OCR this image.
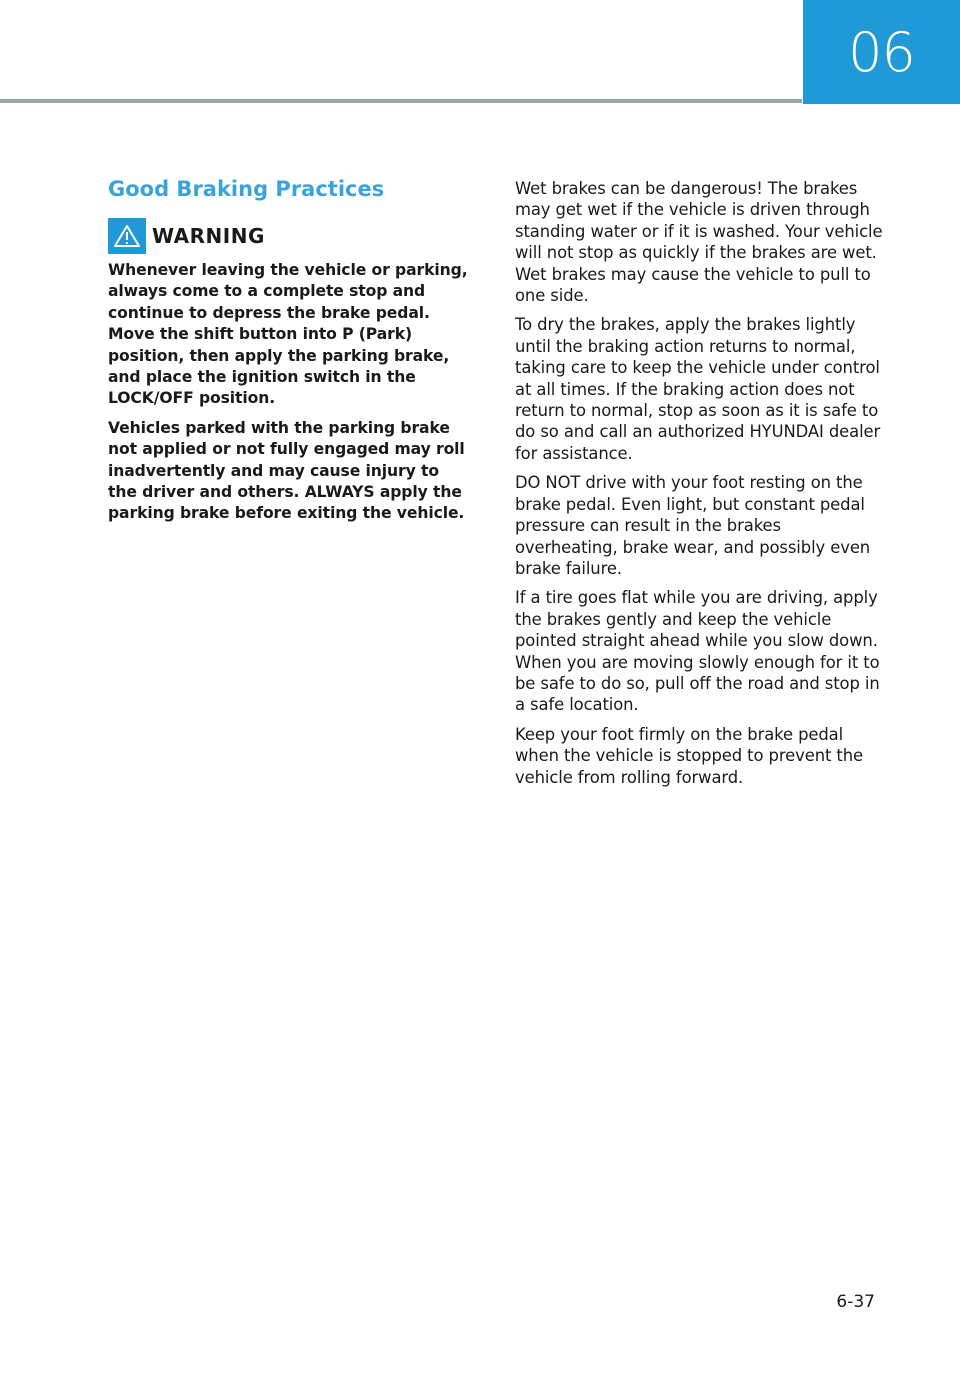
06
Good Braking Practices
WARNING

Whenever leaving the vehicle or parking, always come to a complete stop and continue to depress the brake pedal. Move the shift button into P (Park) position, then apply the parking brake, and place the ignition switch in the LOCK/OFF position.

Vehicles parked with the parking brake not applied or not fully engaged may roll inadvertently and may cause injury to the driver and others. ALWAYS apply the parking brake before exiting the vehicle.

Wet brakes can be dangerous! The brakes may get wet if the vehicle is driven through standing water or if it is washed. Your vehicle will not stop as quickly if the brakes are wet. Wet brakes may cause the vehicle to pull to one side.

To dry the brakes, apply the brakes lightly until the braking action returns to normal, taking care to keep the vehicle under control at all times. If the braking action does not return to normal, stop as soon as it is safe to do so and call an authorized HYUNDAI dealer for assistance.

DO NOT drive with your foot resting on the brake pedal. Even light, but constant pedal pressure can result in the brakes overheating, brake wear, and possibly even brake failure.

If a tire goes flat while you are driving, apply the brakes gently and keep the vehicle pointed straight ahead while you slow down. When you are moving slowly enough for it to be safe to do so, pull off the road and stop in a safe location.

Keep your foot firmly on the brake pedal when the vehicle is stopped to prevent the vehicle from rolling forward.

6-37
